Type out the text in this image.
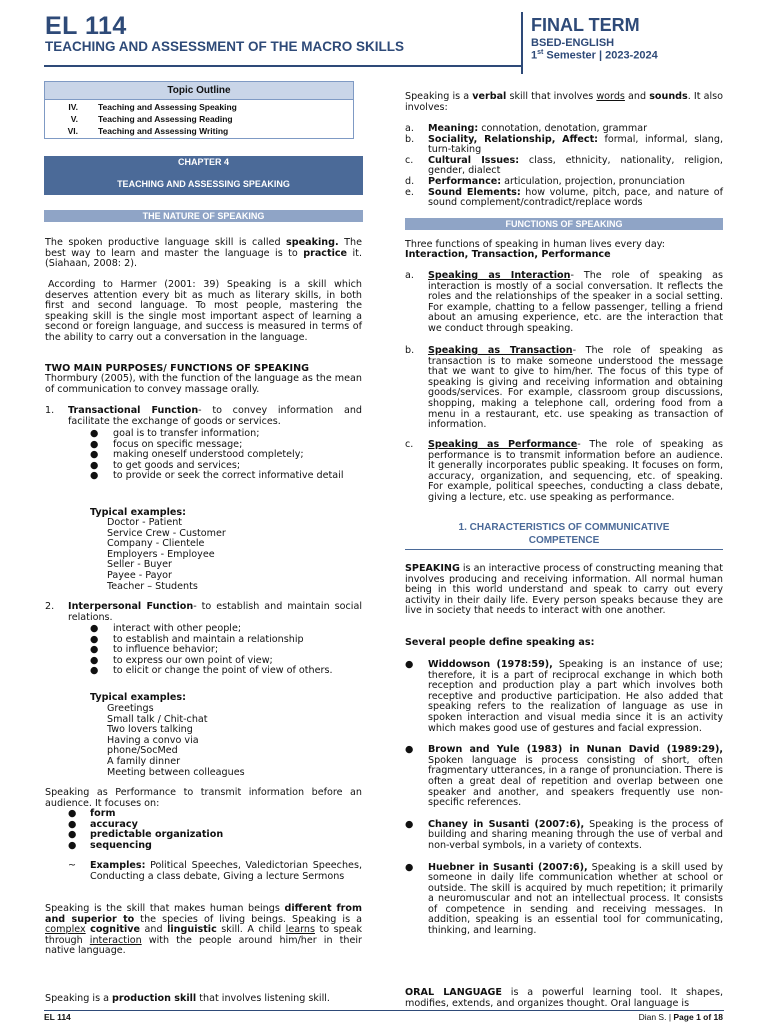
EL 114
TEACHING AND ASSESSMENT OF THE MACRO SKILLS
FINAL TERM
BSED-ENGLISH
1st Semester | 2023-2024
Topic Outline
IV. Teaching and Assessing Speaking
V. Teaching and Assessing Reading
VI. Teaching and Assessing Writing
CHAPTER 4
TEACHING AND ASSESSING SPEAKING
THE NATURE OF SPEAKING
The spoken productive language skill is called speaking. The best way to learn and master the language is to practice it. (Siahaan, 2008: 2).
According to Harmer (2001: 39) Speaking is a skill which deserves attention every bit as much as literary skills, in both first and second language. To most people, mastering the speaking skill is the single most important aspect of learning a second or foreign language, and success is measured in terms of the ability to carry out a conversation in the language.
TWO MAIN PURPOSES/ FUNCTIONS OF SPEAKING
Thormbury (2005), with the function of the language as the mean of communication to convey massage orally.
1. Transactional Function- to convey information and facilitate the exchange of goods or services.
● goal is to transfer information;
● focus on specific message;
● making oneself understood completely;
● to get goods and services;
● to provide or seek the correct informative detail
Typical examples:
Doctor - Patient
Service Crew - Customer
Company - Clientele
Employers - Employee
Seller - Buyer
Payee - Payor
Teacher – Students
2. Interpersonal Function- to establish and maintain social relations.
● interact with other people;
● to establish and maintain a relationship
● to influence behavior;
● to express our own point of view;
● to elicit or change the point of view of others.
Typical examples:
Greetings
Small talk / Chit-chat
Two lovers talking
Having a convo via
phone/SocMed
A family dinner
Meeting between colleagues
Speaking as Performance to transmit information before an audience. It focuses on:
● form
● accuracy
● predictable organization
● sequencing
~ Examples: Political Speeches, Valedictorian Speeches, Conducting a class debate, Giving a lecture Sermons
Speaking is the skill that makes human beings different from and superior to the species of living beings. Speaking is a complex cognitive and linguistic skill. A child learns to speak through interaction with the people around him/her in their native language.
Speaking is a production skill that involves listening skill.
Speaking is a verbal skill that involves words and sounds. It also involves:
a. Meaning: connotation, denotation, grammar
b. Sociality, Relationship, Affect: formal, informal, slang, turn-taking
c. Cultural Issues: class, ethnicity, nationality, religion, gender, dialect
d. Performance: articulation, projection, pronunciation
e. Sound Elements: how volume, pitch, pace, and nature of sound complement/contradict/replace words
FUNCTIONS OF SPEAKING
Three functions of speaking in human lives every day:
Interaction, Transaction, Performance
a. Speaking as Interaction- The role of speaking as interaction is mostly of a social conversation. It reflects the roles and the relationships of the speaker in a social setting. For example, chatting to a fellow passenger, telling a friend about an amusing experience, etc. are the interaction that we conduct through speaking.
b. Speaking as Transaction- The role of speaking as transaction is to make someone understood the message that we want to give to him/her. The focus of this type of speaking is giving and receiving information and obtaining goods/services. For example, classroom group discussions, shopping, making a telephone call, ordering food from a menu in a restaurant, etc. use speaking as transaction of information.
c. Speaking as Performance- The role of speaking as performance is to transmit information before an audience. It generally incorporates public speaking. It focuses on form, accuracy, organization, and sequencing, etc. of speaking. For example, political speeches, conducting a class debate, giving a lecture, etc. use speaking as performance.
1. CHARACTERISTICS OF COMMUNICATIVE
COMPETENCE
SPEAKING is an interactive process of constructing meaning that involves producing and receiving information. All normal human being in this world understand and speak to carry out every activity in their daily life. Every person speaks because they are live in society that needs to interact with one another.
Several people define speaking as:
● Widdowson (1978:59), Speaking is an instance of use; therefore, it is a part of reciprocal exchange in which both reception and production play a part which involves both receptive and productive participation. He also added that speaking refers to the realization of language as use in spoken interaction and visual media since it is an activity which makes good use of gestures and facial expression.
● Brown and Yule (1983) in Nunan David (1989:29), Spoken language is process consisting of short, often fragmentary utterances, in a range of pronunciation. There is often a great deal of repetition and overlap between one speaker and another, and speakers frequently use non-specific references.
● Chaney in Susanti (2007:6), Speaking is the process of building and sharing meaning through the use of verbal and non-verbal symbols, in a variety of contexts.
● Huebner in Susanti (2007:6), Speaking is a skill used by someone in daily life communication whether at school or outside. The skill is acquired by much repetition; it primarily a neuromuscular and not an intellectual process. It consists of competence in sending and receiving messages. In addition, speaking is an essential tool for communicating, thinking, and learning.
ORAL LANGUAGE is a powerful learning tool. It shapes, modifies, extends, and organizes thought. Oral language is
EL 114	Dian S. | Page 1 of 18
